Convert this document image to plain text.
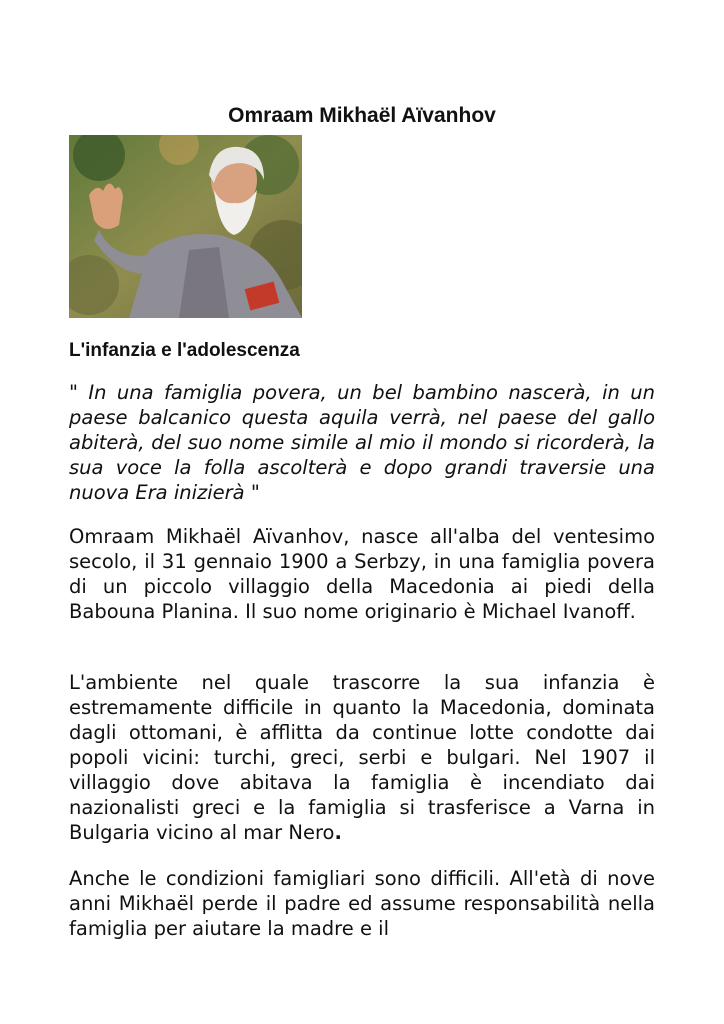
Omraam Mikhaël Aïvanhov
L'infanzia e l'adolescenza
" In una famiglia povera, un bel bambino nascerà, in un paese balcanico questa aquila verrà, nel paese del gallo abiterà, del suo nome simile al mio il mondo si ricorderà, la sua voce la folla ascolterà e dopo grandi traversie una nuova Era inizierà "
Omraam Mikhaël Aïvanhov, nasce all'alba del ventesimo secolo, il 31 gennaio 1900 a Serbzy, in una famiglia povera di un piccolo villaggio della Macedonia ai piedi della Babouna Planina. Il suo nome originario è Michael Ivanoff.
L'ambiente nel quale trascorre la sua infanzia è estremamente difficile in quanto la Macedonia, dominata dagli ottomani, è afflitta da continue lotte condotte dai popoli vicini: turchi, greci, serbi e bulgari. Nel 1907 il villaggio dove abitava la famiglia è incendiato dai nazionalisti greci e la famiglia si trasferisce a Varna in Bulgaria vicino al mar Nero.
Anche le condizioni famigliari sono difficili. All'età di nove anni Mikhaël perde il padre ed assume responsabilità nella famiglia per aiutare la madre e il
